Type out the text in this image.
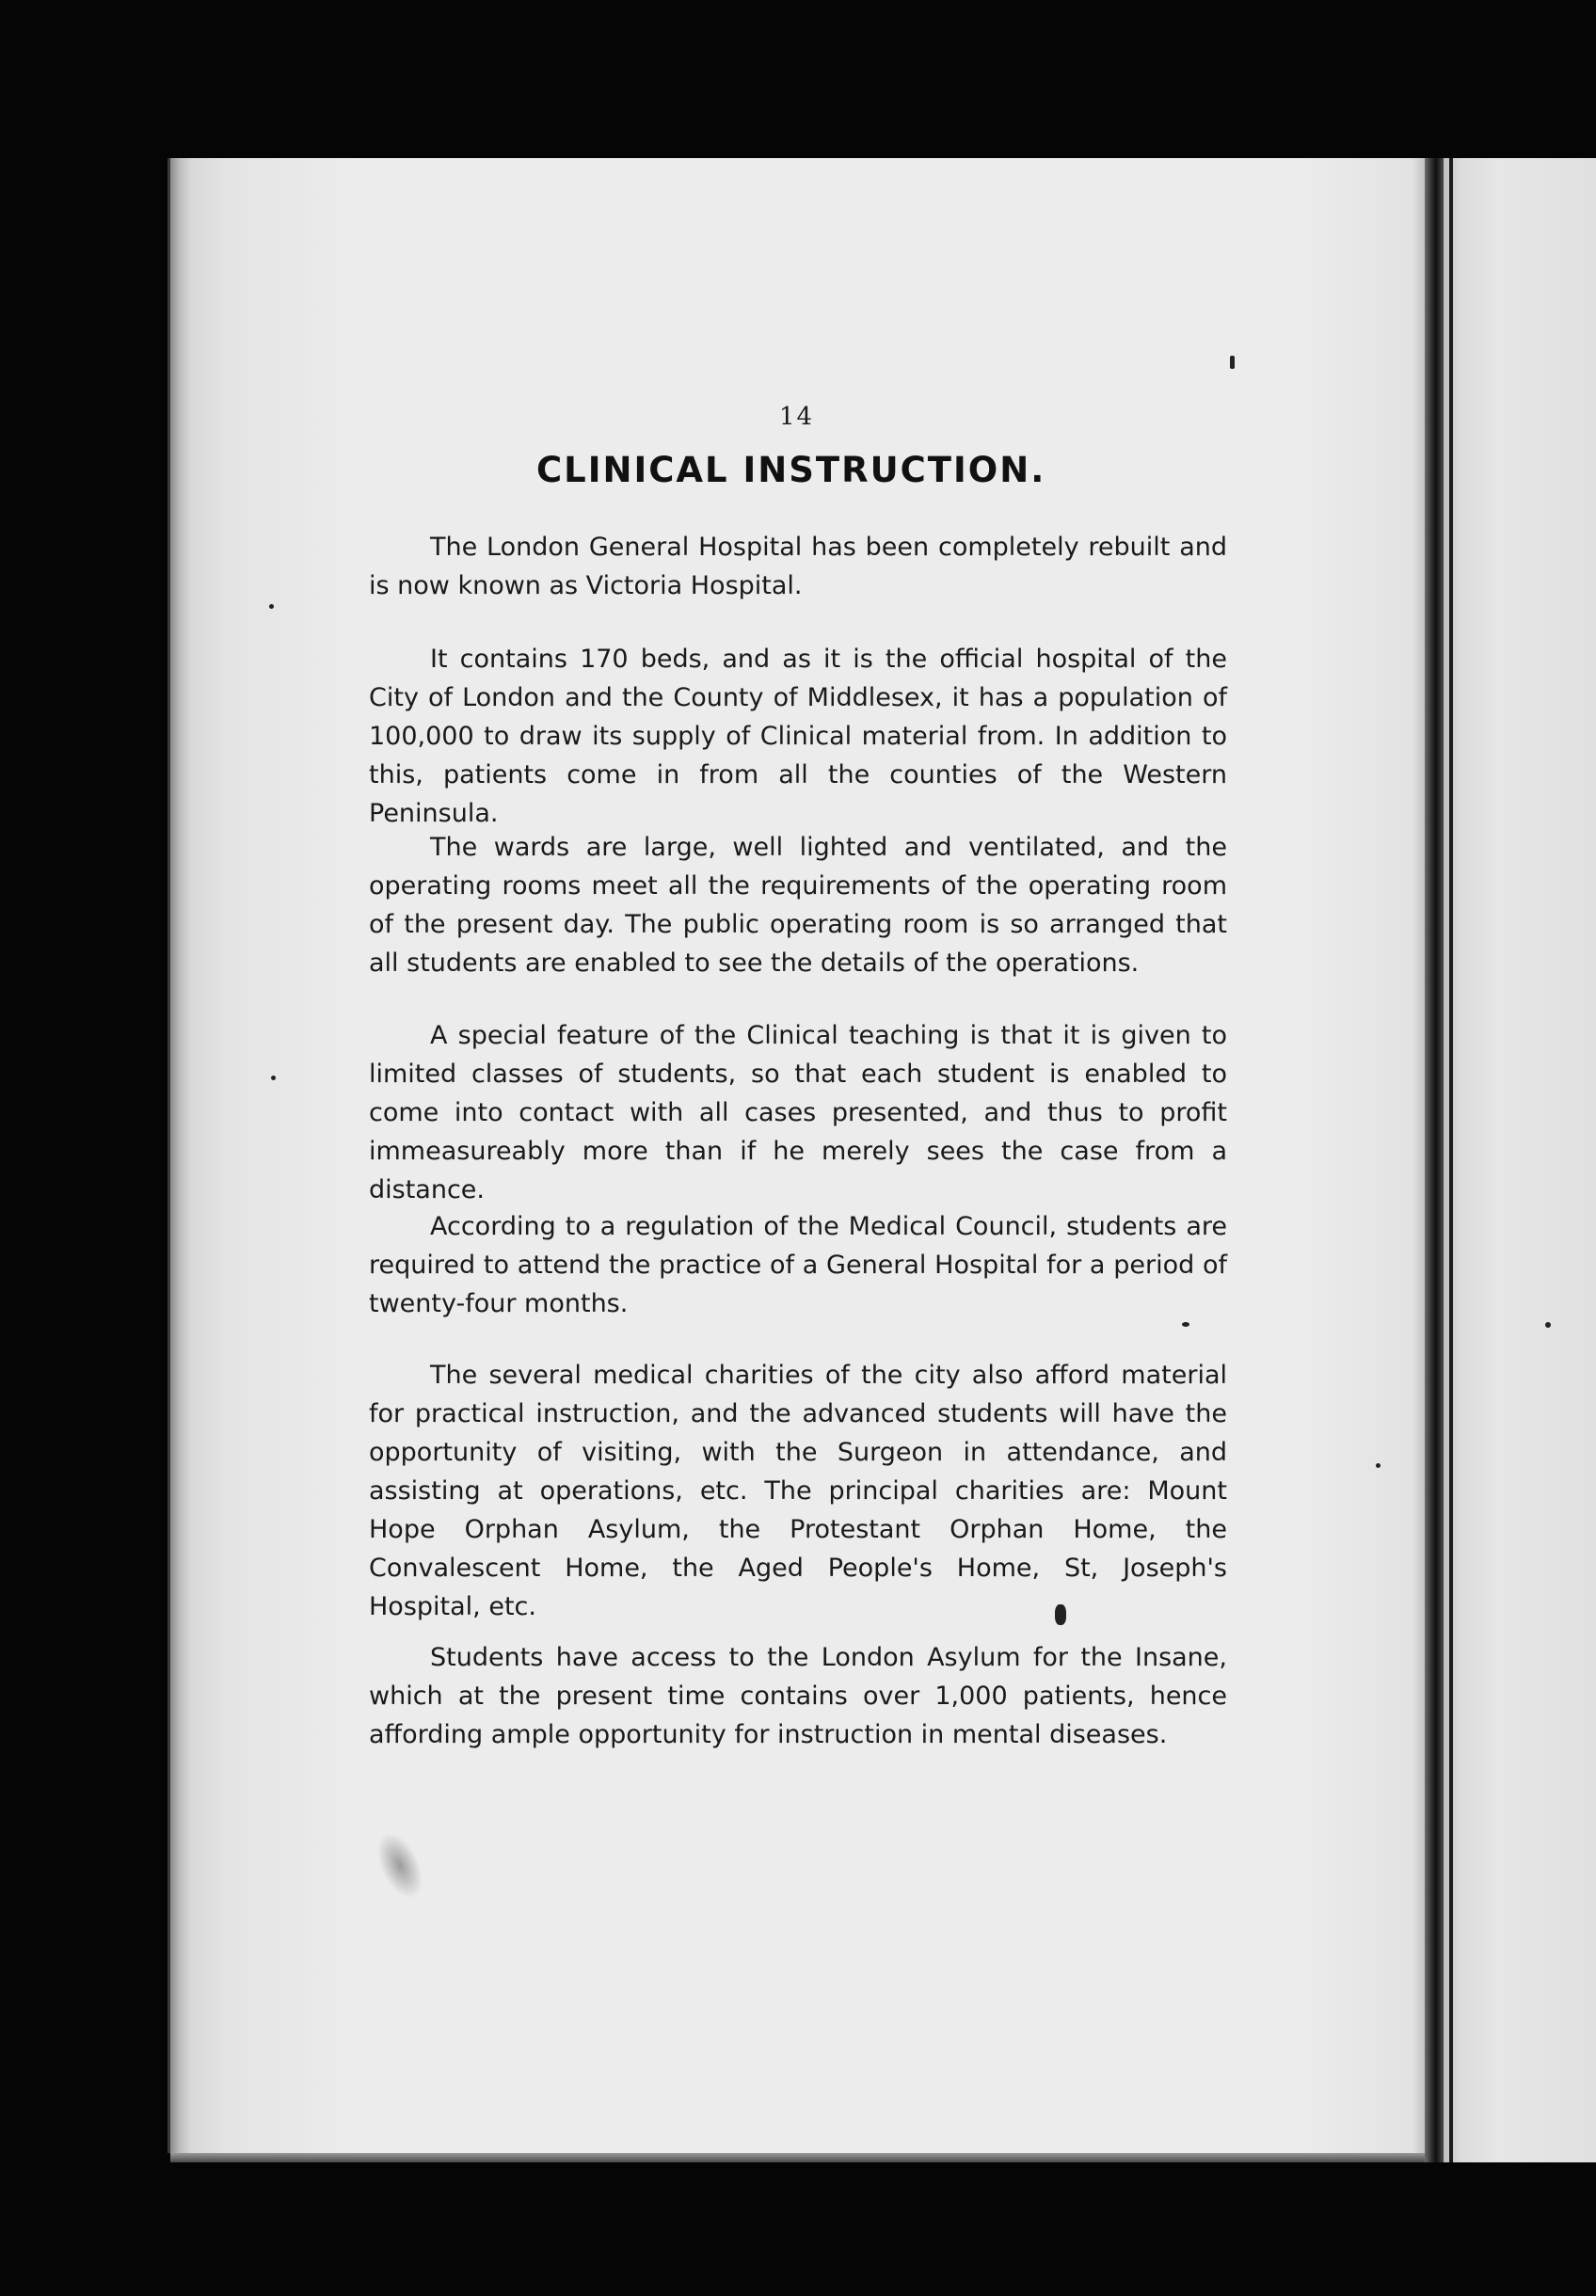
14
CLINICAL INSTRUCTION.

The London General Hospital has been completely rebuilt and is now known as Victoria Hospital.

It contains 170 beds, and as it is the official hospital of the City of London and the County of Middlesex, it has a population of 100,000 to draw its supply of Clinical material from. In addition to this, patients come in from all the counties of the Western Peninsula.

The wards are large, well lighted and ventilated, and the operating rooms meet all the requirements of the operating room of the present day. The public operating room is so arranged that all students are enabled to see the details of the operations.

A special feature of the Clinical teaching is that it is given to limited classes of students, so that each student is enabled to come into contact with all cases presented, and thus to profit immeasureably more than if he merely sees the case from a distance.

According to a regulation of the Medical Council, students are required to attend the practice of a General Hospital for a period of twenty-four months.

The several medical charities of the city also afford material for practical instruction, and the advanced students will have the opportunity of visiting, with the Surgeon in attendance, and assisting at operations, etc. The principal charities are: Mount Hope Orphan Asylum, the Protestant Orphan Home, the Convalescent Home, the Aged People's Home, St, Joseph's Hospital, etc.

Students have access to the London Asylum for the Insane, which at the present time contains over 1,000 patients, hence affording ample opportunity for instruction in mental diseases.
